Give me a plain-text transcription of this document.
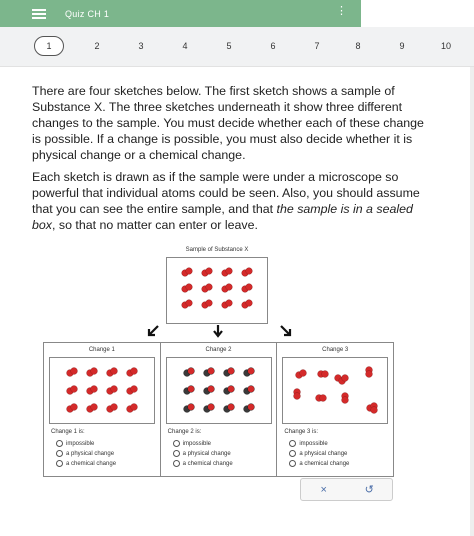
Quiz CH 1	⋮
1	2	3	4	5	6	7	8	9	10

There are four sketches below. The first sketch shows a sample of

Substance X. The three sketches underneath it show three different

changes to the sample. You must decide whether each of these change

is possible. If a change is possible, you must also decide whether it is

physical change or a chemical change.

Each sketch is drawn as if the sample were under a microscope so

powerful that individual atoms could be seen. Also, you should assume

that you can see the entire sample, and that the sample is in a sealed

box, so that no matter can enter or leave.

Sample of Substance X
Change 1
Change 1 is:
impossible
a physical change
a chemical change
Change 2
Change 2 is:
impossible
a physical change
a chemical change
Change 3
Change 3 is:
impossible
a physical change
a chemical change
×	↺
